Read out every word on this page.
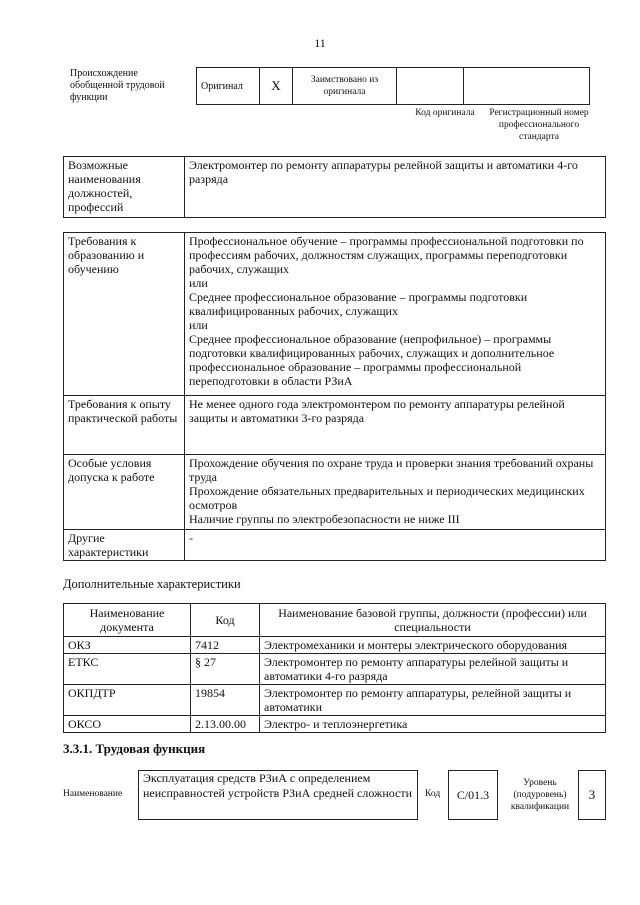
11
Происхождение обобщенной трудовой функции
Оригинал	X	Заимствовано из оригинала		
Код оригинала	Регистрационный номер профессионального стандарта
Возможные наименования должностей, профессий	Электромонтер по ремонту аппаратуры релейной защиты и автоматики 4-го разряда
Требования к образованию и обучению	Профессиональное обучение – программы профессиональной подготовки по профессиям рабочих, должностям служащих, программы переподготовки рабочих, служащих
или
Среднее профессиональное образование – программы подготовки квалифицированных рабочих, служащих
или
Среднее профессиональное образование (непрофильное) – программы подготовки квалифицированных рабочих, служащих и дополнительное профессиональное образование – программы профессиональной переподготовки в области РЗиА

Требования к опыту практической работы	Не менее одного года электромонтером по ремонту аппаратуры релейной защиты и автоматики 3-го разряда

Особые условия допуска к работе	Прохождение обучения по охране труда и проверки знания требований охраны труда
Прохождение обязательных предварительных и периодических медицинских осмотров
Наличие группы по электробезопасности не ниже III

Другие характеристики	-
Дополнительные характеристики
Наименование документа	Код	Наименование базовой группы, должности (профессии) или специальности
ОКЗ	7412	Электромеханики и монтеры электрического оборудования
ЕТКС	§ 27	Электромонтер по ремонту аппаратуры релейной защиты и автоматики 4-го разряда
ОКПДТР	19854	Электромонтер по ремонту аппаратуры, релейной защиты и автоматики
ОКСО	2.13.00.00	Электро- и теплоэнергетика
3.3.1. Трудовая функция
Наименование
Эксплуатация средств РЗиА с определением неисправностей устройств РЗиА средней сложности	Код	C/01.3
Уровень (подуровень) квалификации
3
